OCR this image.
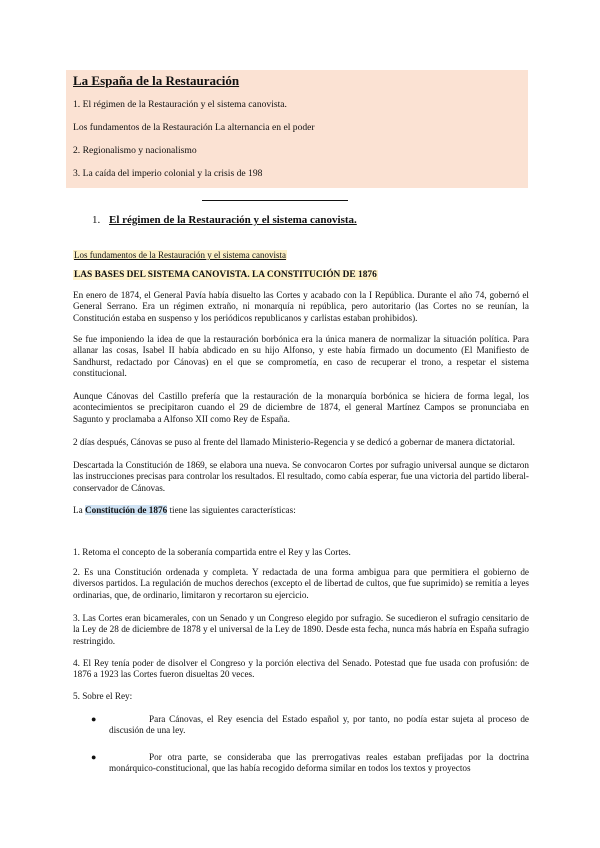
La España de la Restauración

1. El régimen de la Restauración y el sistema canovista.

Los fundamentos de la Restauración La alternancia en el poder

2. Regionalismo y nacionalismo

3. La caída del imperio colonial y la crisis de 198

1. El régimen de la Restauración y el sistema canovista.

Los fundamentos de la Restauración y el sistema canovista

LAS BASES DEL SISTEMA CANOVISTA. LA CONSTITUCIÓN DE 1876

En enero de 1874, el General Pavía había disuelto las Cortes y acabado con la I República. Durante el año 74, gobernó el General Serrano. Era un régimen extraño, ni monarquía ni república, pero autoritario (las Cortes no se reunían, la Constitución estaba en suspenso y los periódicos republicanos y carlistas estaban prohibidos).

Se fue imponiendo la idea de que la restauración borbónica era la única manera de normalizar la situación política. Para allanar las cosas, Isabel II había abdicado en su hijo Alfonso, y este había firmado un documento (El Manifiesto de Sandhurst, redactado por Cánovas) en el que se comprometía, en caso de recuperar el trono, a respetar el sistema constitucional.

Aunque Cánovas del Castillo prefería que la restauración de la monarquía borbónica se hiciera de forma legal, los acontecimientos se precipitaron cuando el 29 de diciembre de 1874, el general Martínez Campos se pronunciaba en Sagunto y proclamaba a Alfonso XII como Rey de España.

2 días después, Cánovas se puso al frente del llamado Ministerio-Regencia y se dedicó a gobernar de manera dictatorial.

Descartada la Constitución de 1869, se elabora una nueva. Se convocaron Cortes por sufragio universal aunque se dictaron las instrucciones precisas para controlar los resultados. El resultado, como cabía esperar, fue una victoria del partido liberal-conservador de Cánovas.

La Constitución de 1876 tiene las siguientes características:

1. Retoma el concepto de la soberanía compartida entre el Rey y las Cortes.

2. Es una Constitución ordenada y completa. Y redactada de una forma ambigua para que permitiera el gobierno de diversos partidos. La regulación de muchos derechos (excepto el de libertad de cultos, que fue suprimido) se remitía a leyes ordinarias, que, de ordinario, limitaron y recortaron su ejercicio.

3. Las Cortes eran bicamerales, con un Senado y un Congreso elegido por sufragio. Se sucedieron el sufragio censitario de la Ley de 28 de diciembre de 1878 y el universal de la Ley de 1890. Desde esta fecha, nunca más habría en España sufragio restringido.

4. El Rey tenía poder de disolver el Congreso y la porción electiva del Senado. Potestad que fue usada con profusión: de 1876 a 1923 las Cortes fueron disueltas 20 veces.

5. Sobre el Rey:

●	Para Cánovas, el Rey esencia del Estado español y, por tanto, no podía estar sujeta al proceso de discusión de una ley.

●	Por otra parte, se consideraba que las prerrogativas reales estaban prefijadas por la doctrina monárquico-constitucional, que las había recogido deforma similar en todos los textos y proyectos
